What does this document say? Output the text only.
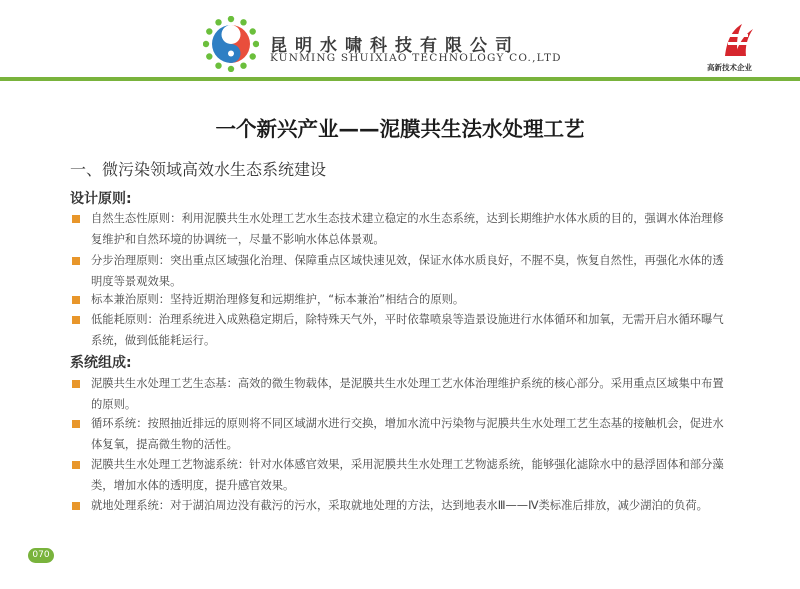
昆明水啸科技有限公司
KUNMING SHUIXIAO TECHNOLOGY CO.,LTD
高新技术企业
一个新兴产业——泥膜共生法水处理工艺
一、微污染领域高效水生态系统建设
设计原则:
自然生态性原则：利用泥膜共生水处理工艺水生态技术建立稳定的水生态系统，达到长期维护水体水质的目的，强调水体治理修复维护和自然环境的协调统一，尽量不影响水体总体景观。
分步治理原则：突出重点区域强化治理、保障重点区域快速见效，保证水体水质良好，不腥不臭，恢复自然性，再强化水体的透明度等景观效果。
标本兼治原则：坚持近期治理修复和远期维护，“标本兼治”相结合的原则。
低能耗原则：治理系统进入成熟稳定期后，除特殊天气外，平时依靠喷泉等造景设施进行水体循环和加氧，无需开启水循环曝气系统，做到低能耗运行。
系统组成:
泥膜共生水处理工艺生态基：高效的微生物载体，是泥膜共生水处理工艺水体治理维护系统的核心部分。采用重点区域集中布置的原则。
循环系统：按照抽近排远的原则将不同区域湖水进行交换，增加水流中污染物与泥膜共生水处理工艺生态基的接触机会，促进水体复氧，提高微生物的活性。
泥膜共生水处理工艺物滤系统：针对水体感官效果，采用泥膜共生水处理工艺物滤系统，能够强化滤除水中的悬浮固体和部分藻类，增加水体的透明度，提升感官效果。
就地处理系统：对于湖泊周边没有截污的污水，采取就地处理的方法，达到地表水Ⅲ——Ⅳ类标准后排放，减少湖泊的负荷。
070
